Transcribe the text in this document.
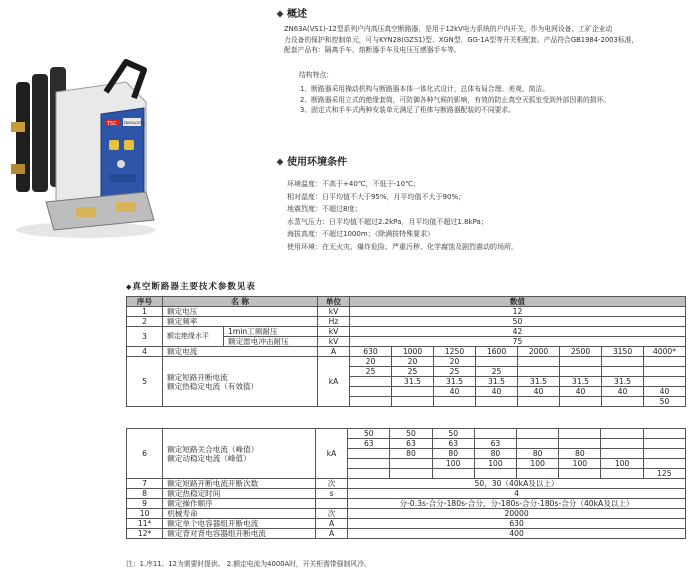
TSC ZN63A(VS1)
概述
ZN63A(VS1)-12型系列户内高压真空断路器，是用于12kV电力系统的户内开关，作为电网设备、工矿企业动
力设备的保护和控制单元，可与KYN28(GZS1)型、XGN型、GG-1A型等开关柜配套。产品符合GB1984-2003标准，
配套产品有：隔离手车、熔断器手车及电压互感器手车等。
结构特点：
1、断路器采用操动机构与断路器本体一体化式设计，总体布局合理、美观、简洁。
2、断路器采用立式的绝缘套筒，可防御各种气候的影响，有效的防止真空灭弧室受到外部因素的损坏。
3、固定式和手车式两种安装单元满足了柜体与断路器配装的不同要求。
使用环境条件
环境温度：不高于+40℃，不低于-10℃；
相对湿度：日平均值不大于95%，月平均值不大于90%；
地震烈度：不超过8度；
水蒸气压力：日平均值不超过2.2kPa，月平均值不超过1.8kPa；
海拔高度：不超过1000m；（除满拔特殊要求）
使用环境：在无火灾、爆炸危险、严重污秽、化学腐蚀及剧烈震动的场所。
◆真空断路器主要技术参数见表
序号	名 称		单位	数值							
1	额定电压		kV	12							
2	额定频率		Hz	50							
3	额定绝缘水平	1min工频耐压	kV	42							
		额定雷电冲击耐压	kV	75							
4	额定电流		A	630	1000	1250	1600	2000	2500	3150	4000*
5	额定短路开断电流
额定热稳定电流（有效值）		kA	20	20	20					
				25	25	25	25				
					31.5	31.5	31.5	31.5	31.5	31.5	
						40	40	40	40	40	40
											50
6	额定短路关合电流（峰值）
额定动稳定电流（峰值）	kA	50	50	50					
			63	63	63	63				
				80	80	80	80	80		
					100	100	100	100	100	
										125
7	额定短路开断电流开断次数	次	50，30（40kA及以上）							
8	额定热稳定时间	s	4							
9	额定操作顺序		分-0.3s-合分-180s-合分，分-180s-合分-180s-合分（40kA及以上）							
10	机械寿命	次	20000							
11*	额定单个电容器组开断电流	A	630							
12*	额定背对背电容器组开断电流	A	400							
注：1.序11、12为需要时提供。 2.额定电流为4000A时，开关柜需带强制风冷。
